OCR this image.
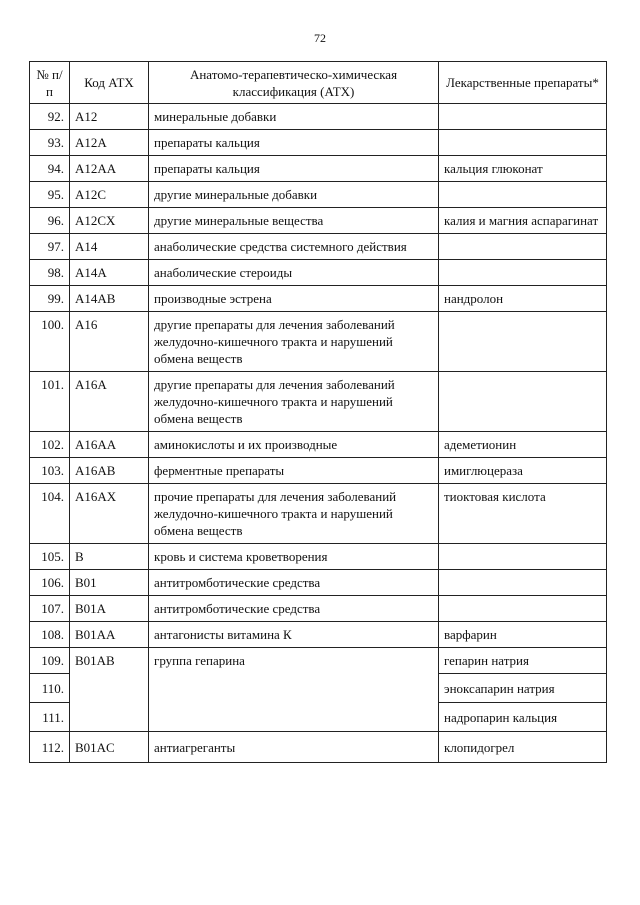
72
№ п/п	Код АТХ	Анатомо-терапевтическо-химическая классификация (АТХ)	Лекарственные препараты*
92.	A12	минеральные добавки	
93.	A12A	препараты кальция	
94.	A12AA	препараты кальция	кальция глюконат
95.	A12C	другие минеральные добавки	
96.	A12CX	другие минеральные вещества	калия и магния аспарагинат
97.	A14	анаболические средства системного действия	
98.	A14A	анаболические стероиды	
99.	A14AB	производные эстрена	нандролон
100.	A16	другие препараты для лечения заболеваний желудочно-кишечного тракта и нарушений обмена веществ	
101.	A16A	другие препараты для лечения заболеваний желудочно-кишечного тракта и нарушений обмена веществ	
102.	A16AA	аминокислоты и их производные	адеметионин
103.	A16AB	ферментные препараты	имиглюцераза
104.	A16AX	прочие препараты для лечения заболеваний желудочно-кишечного тракта и нарушений обмена веществ	тиоктовая кислота
105.	B	кровь и система кроветворения	
106.	B01	антитромботические средства	
107.	B01A	антитромботические средства	
108.	B01AA	антагонисты витамина К	варфарин
109.	B01AB	группа гепарина	гепарин натрия
110.			эноксапарин натрия
111.			надропарин кальция
112.	B01AC	антиагреганты	клопидогрел
